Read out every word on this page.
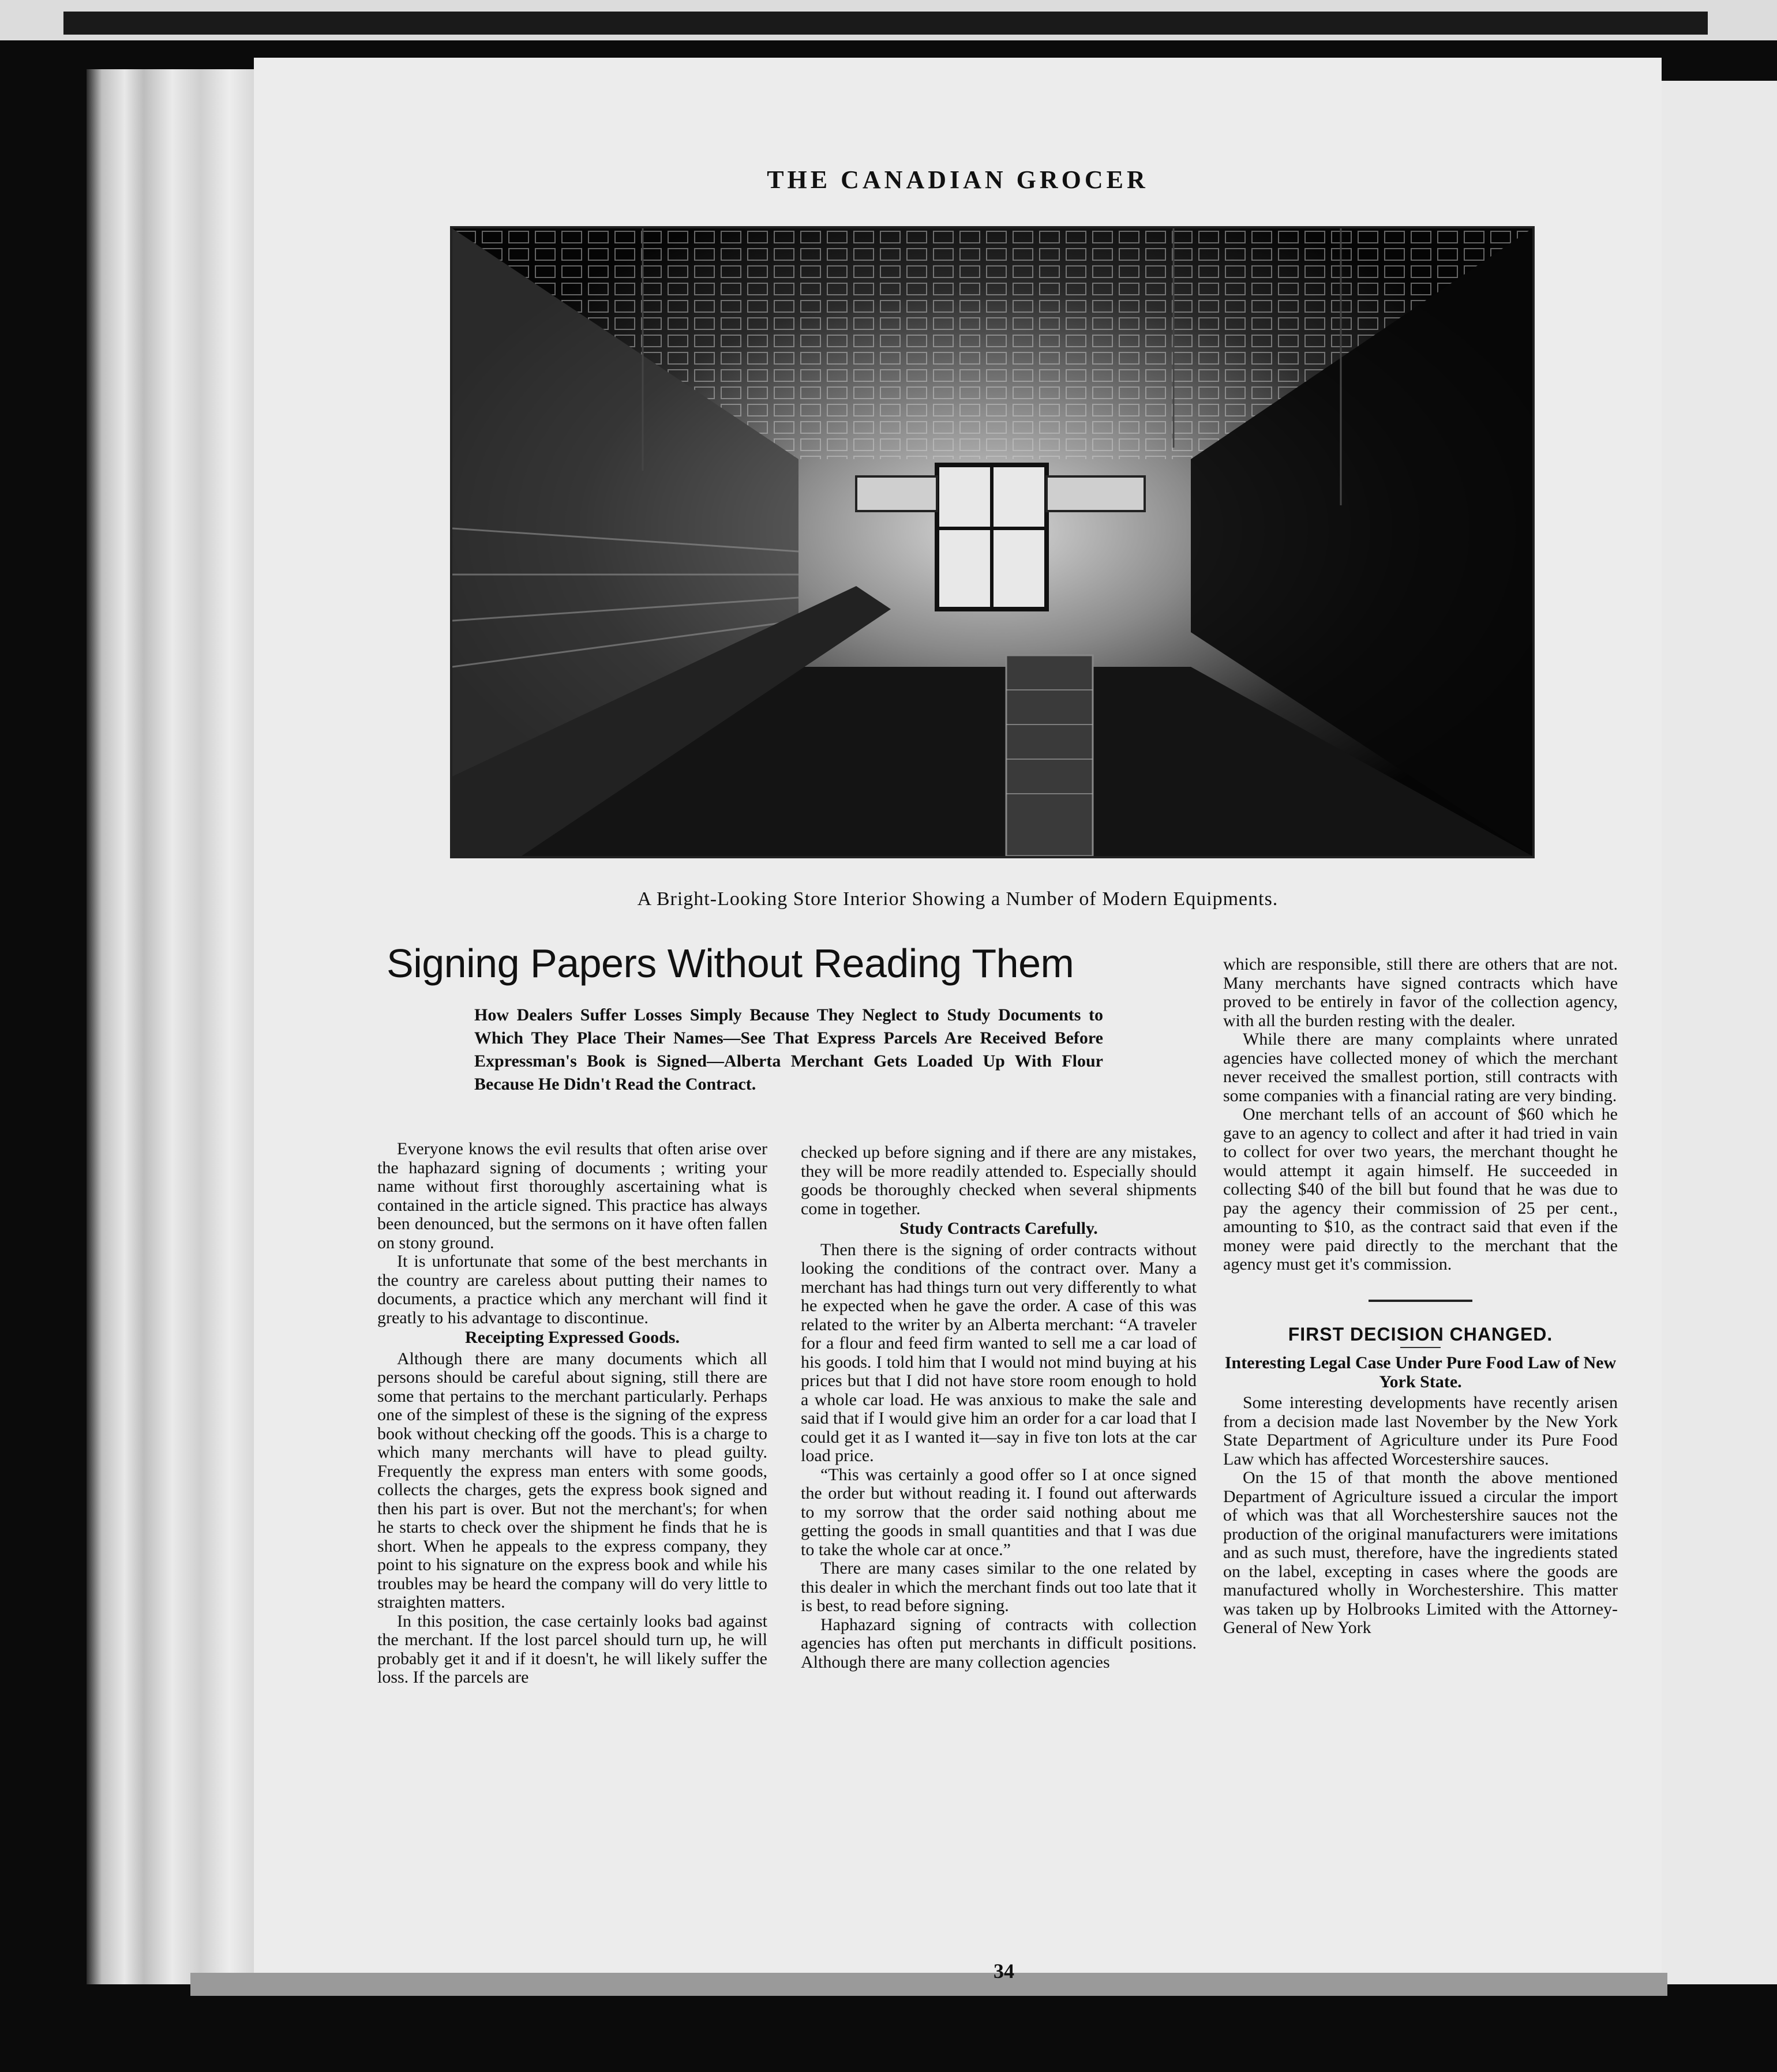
THE CANADIAN GROCER
A Bright-Looking Store Interior Showing a Number of Modern Equipments.
Signing Papers Without Reading Them
How Dealers Suffer Losses Simply Because They Neglect to Study Documents to Which They Place Their Names—See That Express Parcels Are Received Before Expressman's Book is Signed—Alberta Merchant Gets Loaded Up With Flour Because He Didn't Read the Contract.

Everyone knows the evil results that often arise over the haphazard signing of documents ; writing your name without first thoroughly ascertaining what is contained in the article signed. This practice has always been denounced, but the sermons on it have often fallen on stony ground.

It is unfortunate that some of the best merchants in the country are careless about putting their names to documents, a practice which any merchant will find it greatly to his advantage to discontinue.

Receipting Expressed Goods.

Although there are many documents which all persons should be careful about signing, still there are some that pertains to the merchant particularly. Perhaps one of the simplest of these is the signing of the express book without checking off the goods. This is a charge to which many merchants will have to plead guilty. Frequently the express man enters with some goods, collects the charges, gets the express book signed and then his part is over. But not the merchant's; for when he starts to check over the shipment he finds that he is short. When he appeals to the express company, they point to his signature on the express book and while his troubles may be heard the company will do very little to straighten matters.

In this position, the case certainly looks bad against the merchant. If the lost parcel should turn up, he will probably get it and if it doesn't, he will likely suffer the loss. If the parcels are

checked up before signing and if there are any mistakes, they will be more readily attended to. Especially should goods be thoroughly checked when several shipments come in together.

Study Contracts Carefully.

Then there is the signing of order contracts without looking the conditions of the contract over. Many a merchant has had things turn out very differently to what he expected when he gave the order. A case of this was related to the writer by an Alberta merchant: “A traveler for a flour and feed firm wanted to sell me a car load of his goods. I told him that I would not mind buying at his prices but that I did not have store room enough to hold a whole car load. He was anxious to make the sale and said that if I would give him an order for a car load that I could get it as I wanted it—say in five ton lots at the car load price.

“This was certainly a good offer so I at once signed the order but without reading it. I found out afterwards to my sorrow that the order said nothing about me getting the goods in small quantities and that I was due to take the whole car at once.”

There are many cases similar to the one related by this dealer in which the merchant finds out too late that it is best, to read before signing.

Haphazard signing of contracts with collection agencies has often put merchants in difficult positions. Although there are many collection agencies

which are responsible, still there are others that are not. Many merchants have signed contracts which have proved to be entirely in favor of the collection agency, with all the burden resting with the dealer.

While there are many complaints where unrated agencies have collected money of which the merchant never received the smallest portion, still contracts with some companies with a financial rating are very binding.

One merchant tells of an account of $60 which he gave to an agency to collect and after it had tried in vain to collect for over two years, the merchant thought he would attempt it again himself. He succeeded in collecting $40 of the bill but found that he was due to pay the agency their commission of 25 per cent., amounting to $10, as the contract said that even if the money were paid directly to the merchant that the agency must get it's commission.

FIRST DECISION CHANGED.
Interesting Legal Case Under Pure Food Law of New York State.

Some interesting developments have recently arisen from a decision made last November by the New York State Department of Agriculture under its Pure Food Law which has affected Worcestershire sauces.

On the 15 of that month the above mentioned Department of Agriculture issued a circular the import of which was that all Worchestershire sauces not the production of the original manufacturers were imitations and as such must, therefore, have the ingredients stated on the label, excepting in cases where the goods are manufactured wholly in Worchestershire. This matter was taken up by Holbrooks Limited with the Attorney-General of New York

34
